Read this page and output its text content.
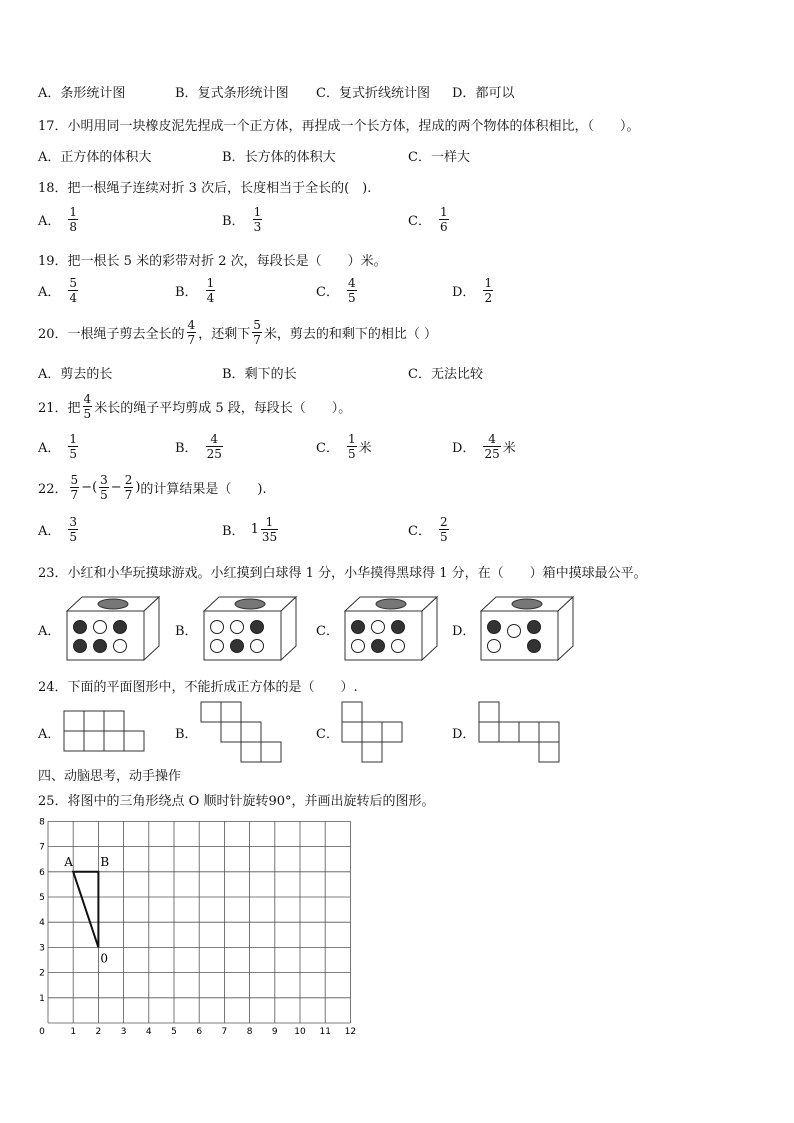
A． 条形统计图	B． 复式条形统计图 C． 复式折线统计图 D． 都可以
17．小明用同一块橡皮泥先捏成一个正方体，再捏成一个长方体，捏成的两个物体的体积相比，（　　）。
A． 正方体的体积大	B． 长方体的体积大	C． 一样大
18．把一根绳子连续对折 3 次后，长度相当于全长的(　).
A． $\frac{1}{8}$	B． $\frac{1}{3}$	C． $\frac{1}{6}$
19．把一根长 5 米的彩带对折 2 次，每段长是（　　）米。
A． $\frac{5}{4}$	B． $\frac{1}{4}$	C． $\frac{4}{5}$	D． $\frac{1}{2}$
20．一根绳子剪去全长的 $\frac{4}{7}$ ，还剩下 $\frac{5}{7}$ 米，剪去的和剩下的相比（ ）
A． 剪去的长	B． 剩下的长	C． 无法比较
21．把 $\frac{4}{5}$ 米长的绳子平均剪成 5 段，每段长（　　）。
A． $\frac{1}{5}$	B． $\frac{4}{25}$	C． $\frac{1}{5}$ 米	D． $\frac{4}{25}$ 米
22． $\frac{5}{7}$ −( $\frac{3}{5} - \frac{2}{7}$ ) 的计算结果是（　　).
A． $\frac{3}{5}$	B． $1 \frac{1}{35}$	C． $\frac{2}{5}$
23．小红和小华玩摸球游戏。小红摸到白球得 1 分，小华摸得黑球得 1 分，在（　　）箱中摸球最公平。
A．	B．	C．	D．
24．下面的平面图形中，不能折成正方体的是（　　）.
A．	B．	C．	D．
四、动脑思考，动手操作
25．将图中的三角形绕点 O 顺时针旋转90°，并画出旋转后的图形。
0	1 2 3 4 5 6 7 8 9 10 11 12
1
2
3
4
5
6
7
8
A B
0
